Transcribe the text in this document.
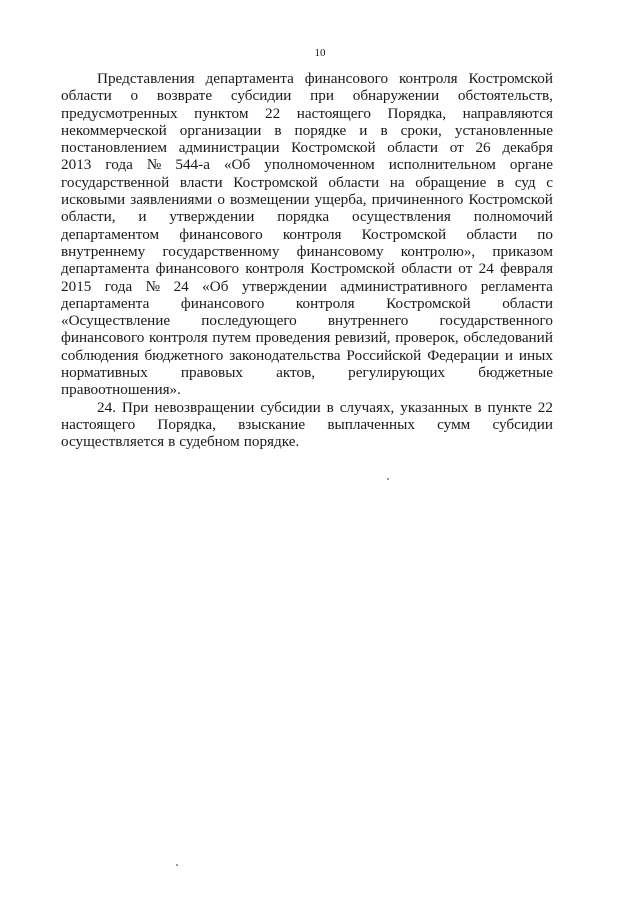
10
Представления департамента финансового контроля Костромской
области о возврате субсидии при обнаружении обстоятельств,
предусмотренных пунктом 22 настоящего Порядка, направляются
некоммерческой организации в порядке и в сроки, установленные
постановлением администрации Костромской области от 26 декабря
2013 года № 544-а «Об уполномоченном исполнительном органе
государственной власти Костромской области на обращение в суд с
исковыми заявлениями о возмещении ущерба, причиненного Костромской
области, и утверждении порядка осуществления полномочий
департаментом финансового контроля Костромской области по
внутреннему государственному финансовому контролю», приказом
департамента финансового контроля Костромской области от 24 февраля
2015 года № 24 «Об утверждении административного регламента
департамента финансового контроля Костромской области
«Осуществление последующего внутреннего государственного
финансового контроля путем проведения ревизий, проверок, обследований
соблюдения бюджетного законодательства Российской Федерации и иных
нормативных правовых актов, регулирующих бюджетные
правоотношения».
24. При невозвращении субсидии в случаях, указанных в пункте 22
настоящего Порядка, взыскание выплаченных сумм субсидии
осуществляется в судебном порядке.
